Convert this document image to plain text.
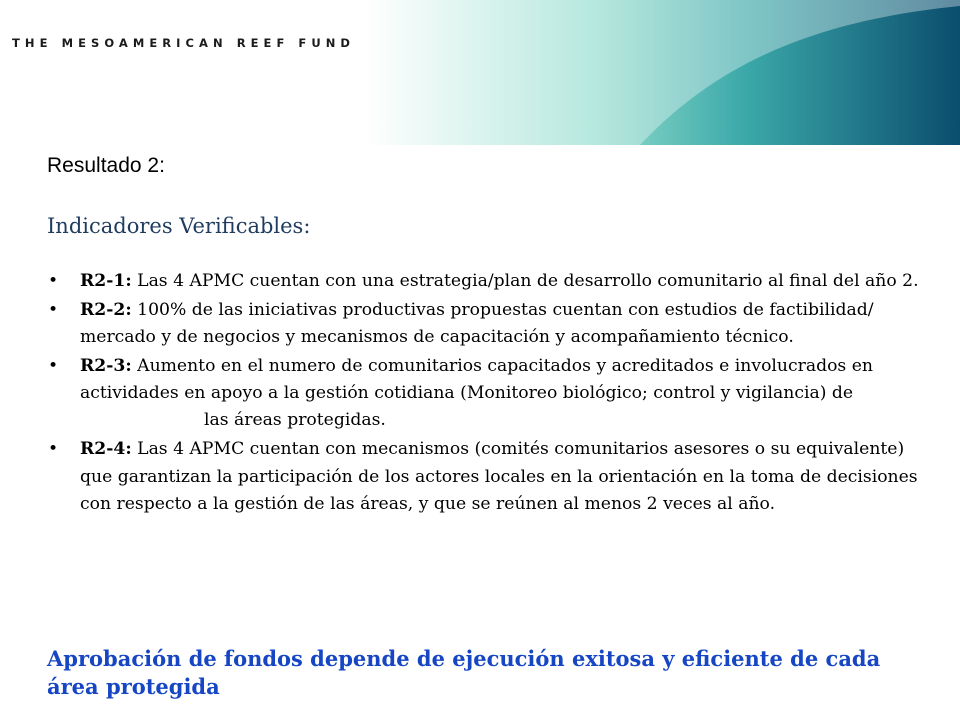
THE MESOAMERICAN REEF FUND
Resultado 2:
Indicadores Verificables:
• R2-1: Las 4 APMC cuentan con una estrategia/plan de desarrollo comunitario al final del año 2.
• R2-2: 100% de las iniciativas productivas propuestas cuentan con estudios de factibilidad/ mercado y de negocios y mecanismos de capacitación y acompañamiento técnico.
• R2-3: Aumento en el numero de comunitarios capacitados y acreditados e involucrados en actividades en apoyo a la gestión cotidiana (Monitoreo biológico; control y vigilancia) delas áreas protegidas.
• R2-4: Las 4 APMC cuentan con mecanismos (comités comunitarios asesores o su equivalente) que garantizan la participación de los actores locales en la orientación en la toma de decisiones con respecto a la gestión de las áreas, y que se reúnen al menos 2 veces al año.

Aprobación de fondos depende de ejecución exitosa y eficiente de cada área protegida
